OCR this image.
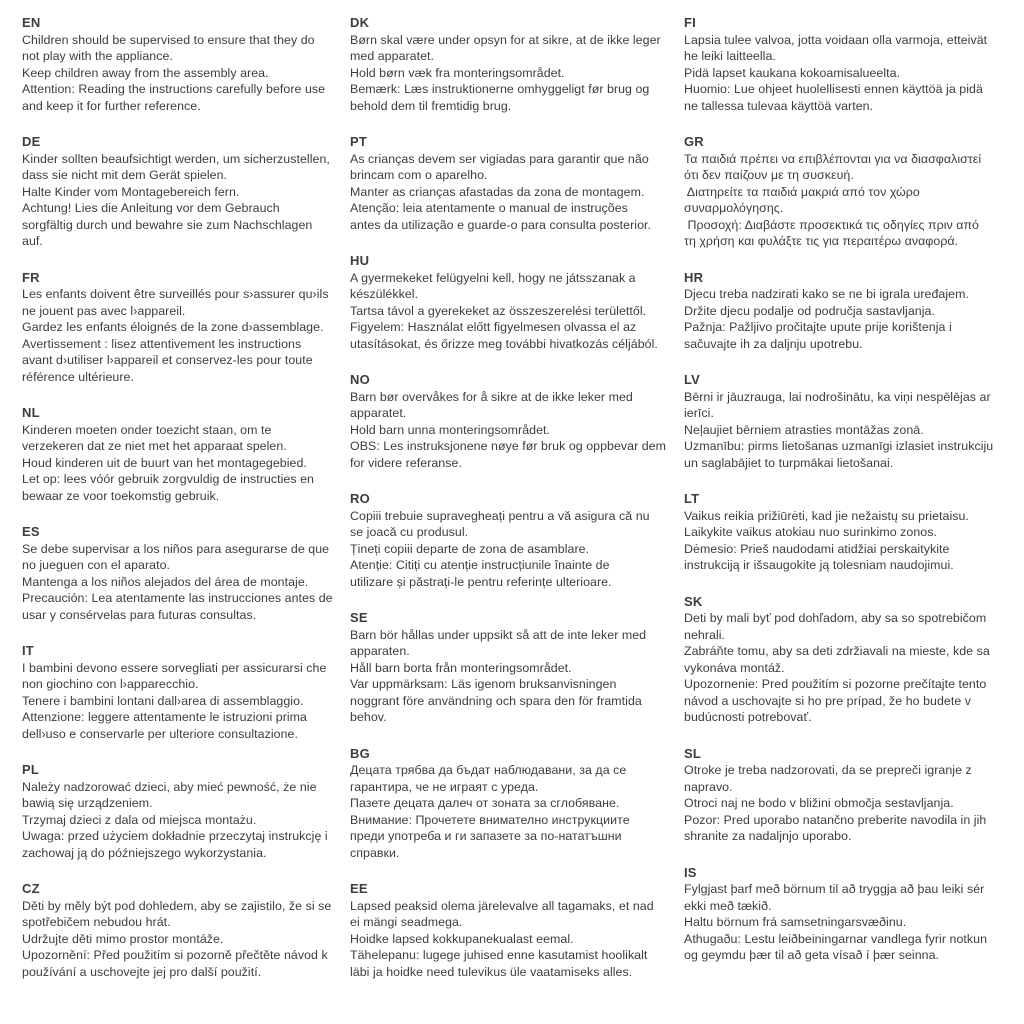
EN
Children should be supervised to ensure that they do
not play with the appliance.
Keep children away from the assembly area.
Attention: Reading the instructions carefully before use
and keep it for further reference.
DE
Kinder sollten beaufsichtigt werden, um sicherzustellen,
dass sie nicht mit dem Gerät spielen.
Halte Kinder vom Montagebereich fern.
Achtung! Lies die Anleitung vor dem Gebrauch
sorgfältig durch und bewahre sie zum Nachschlagen
auf.
FR
Les enfants doivent être surveillés pour s›assurer qu›ils
ne jouent pas avec l›appareil.
Gardez les enfants éloignés de la zone d›assemblage.
Avertissement : lisez attentivement les instructions
avant d›utiliser l›appareil et conservez-les pour toute
référence ultérieure.
NL
Kinderen moeten onder toezicht staan, om te
verzekeren dat ze niet met het apparaat spelen.
Houd kinderen uit de buurt van het montagegebied.
Let op: lees vóór gebruik zorgvuldig de instructies en
bewaar ze voor toekomstig gebruik.
ES
Se debe supervisar a los niños para asegurarse de que
no jueguen con el aparato.
Mantenga a los niños alejados del área de montaje.
Precaución: Lea atentamente las instrucciones antes de
usar y consérvelas para futuras consultas.
IT
I bambini devono essere sorvegliati per assicurarsi che
non giochino con l›apparecchio.
Tenere i bambini lontani dall›area di assemblaggio.
Attenzione: leggere attentamente le istruzioni prima
dell›uso e conservarle per ulteriore consultazione.
PL
Należy nadzorować dzieci, aby mieć pewność, że nie
bawią się urządzeniem.
Trzymaj dzieci z dala od miejsca montażu.
Uwaga: przed użyciem dokładnie przeczytaj instrukcję i
zachowaj ją do późniejszego wykorzystania.
CZ
Děti by měly být pod dohledem, aby se zajistilo, že si se
spotřebičem nebudou hrát.
Udržujte děti mimo prostor montáže.
Upozornění: Před použitím si pozorně přečtěte návod k
používání a uschovejte jej pro další použití.
DK
Børn skal være under opsyn for at sikre, at de ikke leger
med apparatet.
Hold børn væk fra monteringsområdet.
Bemærk: Læs instruktionerne omhyggeligt før brug og
behold dem til fremtidig brug.
PT
As crianças devem ser vigiadas para garantir que não
brincam com o aparelho.
Manter as crianças afastadas da zona de montagem.
Atenção: leia atentamente o manual de instruções
antes da utilização e guarde-o para consulta posterior.
HU
A gyermekeket felügyelni kell, hogy ne játsszanak a
készülékkel.
Tartsa távol a gyerekeket az összeszerelési területtől.
Figyelem: Használat előtt figyelmesen olvassa el az
utasításokat, és őrizze meg további hivatkozás céljából.
NO
Barn bør overvåkes for å sikre at de ikke leker med
apparatet.
Hold barn unna monteringsområdet.
OBS: Les instruksjonene nøye før bruk og oppbevar dem
for videre referanse.
RO
Copiii trebuie supravegheați pentru a vă asigura că nu
se joacă cu produsul.
Țineți copiii departe de zona de asamblare.
Atenție: Citiți cu atenție instrucțiunile înainte de
utilizare și păstrați-le pentru referințe ulterioare.
SE
Barn bör hållas under uppsikt så att de inte leker med
apparaten.
Håll barn borta från monteringsområdet.
Var uppmärksam: Läs igenom bruksanvisningen
noggrant före användning och spara den för framtida
behov.
BG
Децата трябва да бъдат наблюдавани, за да се
гарантира, че не играят с уреда.
Пазете децата далеч от зоната за сглобяване.
Внимание: Прочетете внимателно инструкциите
преди употреба и ги запазете за по-нататъшни
справки.
EE
Lapsed peaksid olema järelevalve all tagamaks, et nad
ei mängi seadmega.
Hoidke lapsed kokkupanekualast eemal.
Tähelepanu: lugege juhised enne kasutamist hoolikalt
läbi ja hoidke need tulevikus üle vaatamiseks alles.
FI
Lapsia tulee valvoa, jotta voidaan olla varmoja, etteivät
he leiki laitteella.
Pidä lapset kaukana kokoamisalueelta.
Huomio: Lue ohjeet huolellisesti ennen käyttöä ja pidä
ne tallessa tulevaa käyttöä varten.
GR
Τα παιδιά πρέπει να επιβλέπονται για να διασφαλιστεί
ότι δεν παίζουν με τη συσκευή.
Διατηρείτε τα παιδιά μακριά από τον χώρο
συναρμολόγησης.
Προσοχή: Διαβάστε προσεκτικά τις οδηγίες πριν από
τη χρήση και φυλάξτε τις για περαιτέρω αναφορά.
HR
Djecu treba nadzirati kako se ne bi igrala uređajem.
Držite djecu podalje od područja sastavljanja.
Pažnja: Pažljivo pročitajte upute prije korištenja i
sačuvajte ih za daljnju upotrebu.
LV
Bērni ir jāuzrauga, lai nodrošinātu, ka viņi nespēlējas ar
ierīci.
Neļaujiet bērniem atrasties montāžas zonā.
Uzmanību: pirms lietošanas uzmanīgi izlasiet instrukciju
un saglabājiet to turpmākai lietošanai.
LT
Vaikus reikia prižiūrėti, kad jie nežaistų su prietaisu.
Laikykite vaikus atokiau nuo surinkimo zonos.
Dėmesio: Prieš naudodami atidžiai perskaitykite
instrukciją ir išsaugokite ją tolesniam naudojimui.
SK
Deti by mali byť pod dohľadom, aby sa so spotrebičom
nehrali.
Zabráňte tomu, aby sa deti zdržiavali na mieste, kde sa
vykonáva montáž.
Upozornenie: Pred použitím si pozorne prečítajte tento
návod a uschovajte si ho pre prípad, že ho budete v
budúcnosti potrebovať.
SL
Otroke je treba nadzorovati, da se prepreči igranje z
napravo.
Otroci naj ne bodo v bližini območja sestavljanja.
Pozor: Pred uporabo natančno preberite navodila in jih
shranite za nadaljnjo uporabo.
IS
Fylgjast þarf með börnum til að tryggja að þau leiki sér
ekki með tækið.
Haltu börnum frá samsetningarsvæðinu.
Athugaðu: Lestu leiðbeiningarnar vandlega fyrir notkun
og geymdu þær til að geta vísað í þær seinna.
